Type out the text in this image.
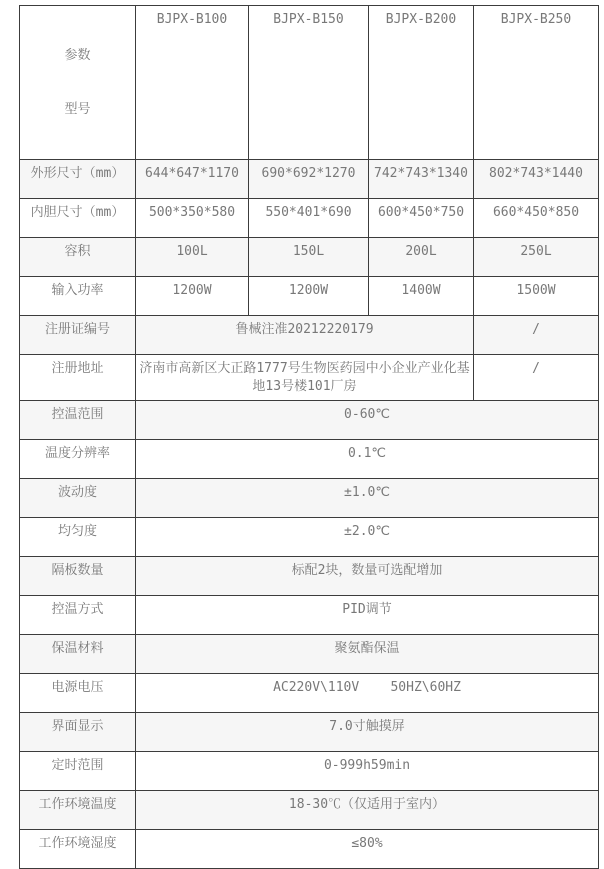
参数

型号	BJPX-B100	BJPX-B150	BJPX-B200	BJPX-B250
外形尺寸（mm）	644*647*1170	690*692*1270	742*743*1340	802*743*1440
内胆尺寸（mm）	500*350*580	550*401*690	600*450*750	660*450*850
容积	100L	150L	200L	250L
输入功率	1200W	1200W	1400W	1500W
注册证编号	鲁械注准20212220179			/
注册地址	济南市高新区大正路1777号生物医药园中小企业产业化基地13号楼101厂房			/
控温范围	0-60℃			
温度分辨率	0.1℃			
波动度	±1.0℃			
均匀度	±2.0℃			
隔板数量	标配2块，数量可选配增加			
控温方式	PID调节			
保温材料	聚氨酯保温			
电源电压	AC220V\110V    50HZ\60HZ			
界面显示	7.0寸触摸屏			
定时范围	0-999h59min			
工作环境温度	18-30℃（仅适用于室内）			
工作环境湿度	≤80%			
